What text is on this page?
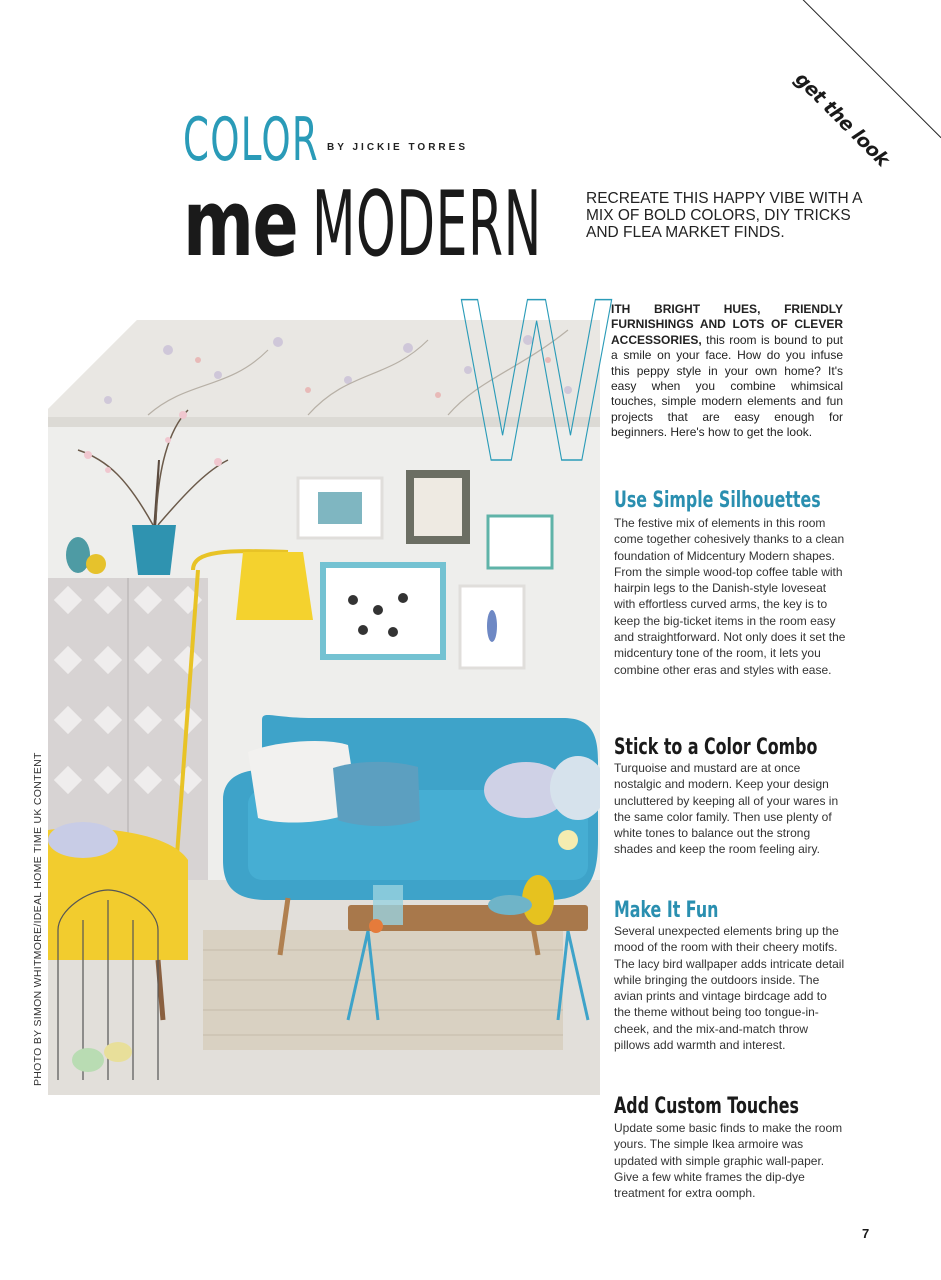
get the look
COLOR BY JICKIE TORRES
me MODERN	RECREATE THIS HAPPY VIBE WITH A MIX OF BOLD COLORS, DIY TRICKS AND FLEA MARKET FINDS.
PHOTO BY SIMON WHITMORE/IDEAL HOME TIME UK CONTENT
W

ITH BRIGHT HUES, FRIENDLY FURNISHINGS AND LOTS OF CLEVER ACCESSORIES, this room is bound to put a smile on your face. How do you infuse this peppy style in your own home? It's easy when you combine whimsical touches, simple modern elements and fun projects that are easy enough for beginners. Here's how to get the look.

Use Simple Silhouettes

The festive mix of elements in this room come together cohesively thanks to a clean foundation of Midcentury Modern shapes. From the simple wood-top coffee table with hairpin legs to the Danish-style loveseat with effortless curved arms, the key is to keep the big-ticket items in the room easy and straightforward. Not only does it set the midcentury tone of the room, it lets you combine other eras and styles with ease.

Stick to a Color Combo

Turquoise and mustard are at once nostalgic and modern. Keep your design uncluttered by keeping all of your wares in the same color family. Then use plenty of white tones to balance out the strong shades and keep the room feeling airy.

Make It Fun

Several unexpected elements bring up the mood of the room with their cheery motifs. The lacy bird wallpaper adds intricate detail while bringing the outdoors inside. The avian prints and vintage birdcage add to the theme without being too tongue-in-cheek, and the mix-and-match throw pillows add warmth and interest.

Add Custom Touches

Update some basic finds to make the room yours. The simple Ikea armoire was updated with simple graphic wall-paper. Give a few white frames the dip-dye treatment for extra oomph.

7
